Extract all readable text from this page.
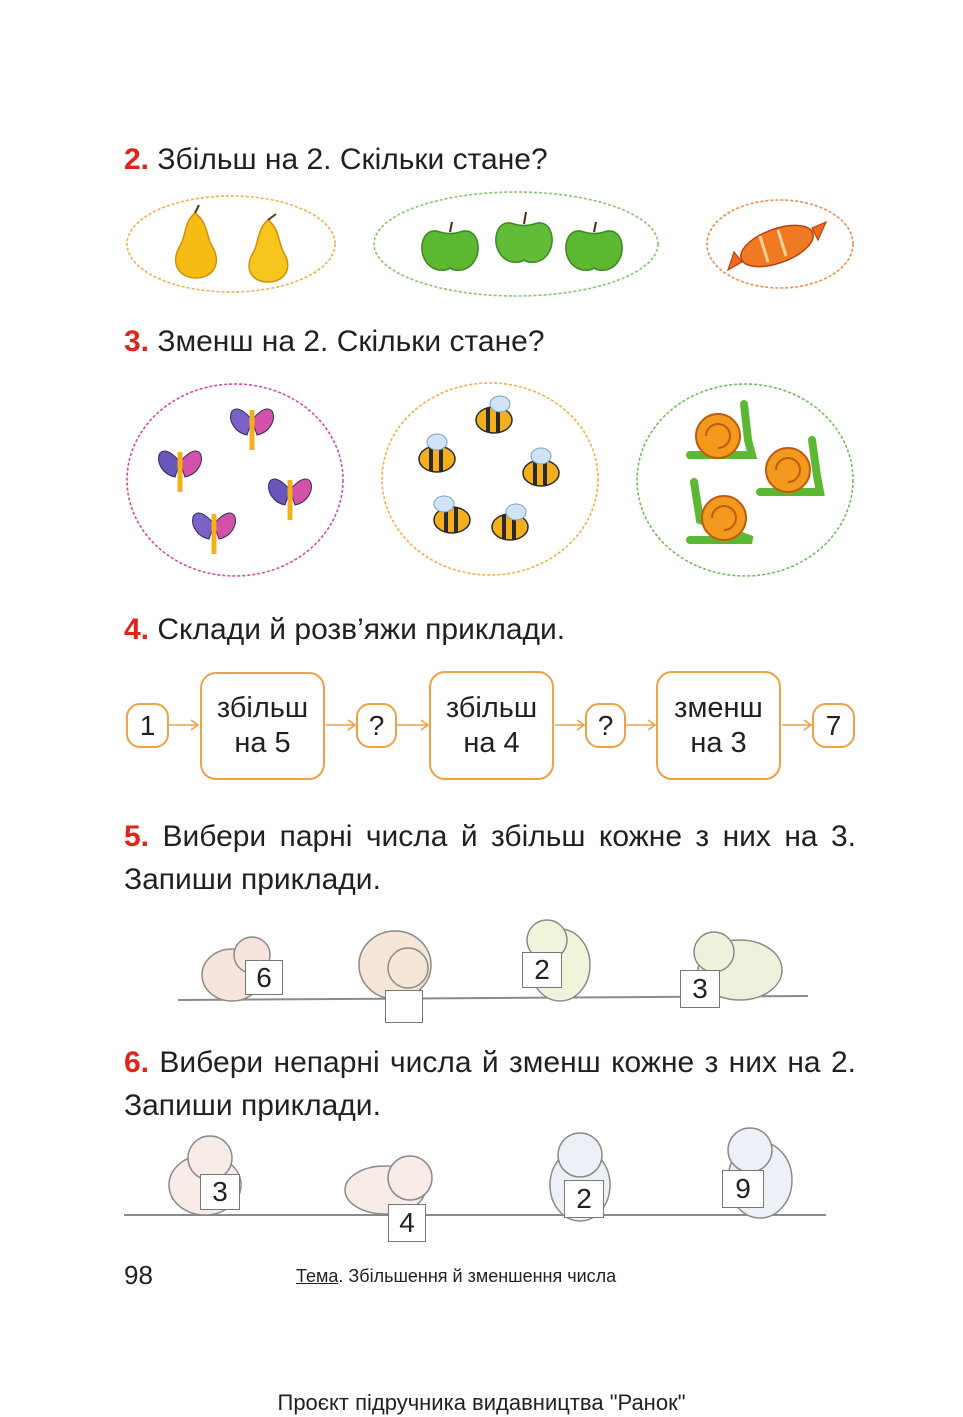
2. Збільш на 2. Скільки стане?

3. Зменш на 2. Скільки стане?

4. Склади й розв’яжи приклади.

1
збільш
на 5
?
збільш
на 4
?
зменш
на 3
7

5. Вибери парні числа й збільш кожне з них на 3. Запиши приклади.

6	2
3

6. Вибери непарні числа й зменш кожне з них на 2. Запиши приклади.

3
4
2	9
98	Тема. Збільшення й зменшення числа
Проєкт підручника видавництва "Ранок"
